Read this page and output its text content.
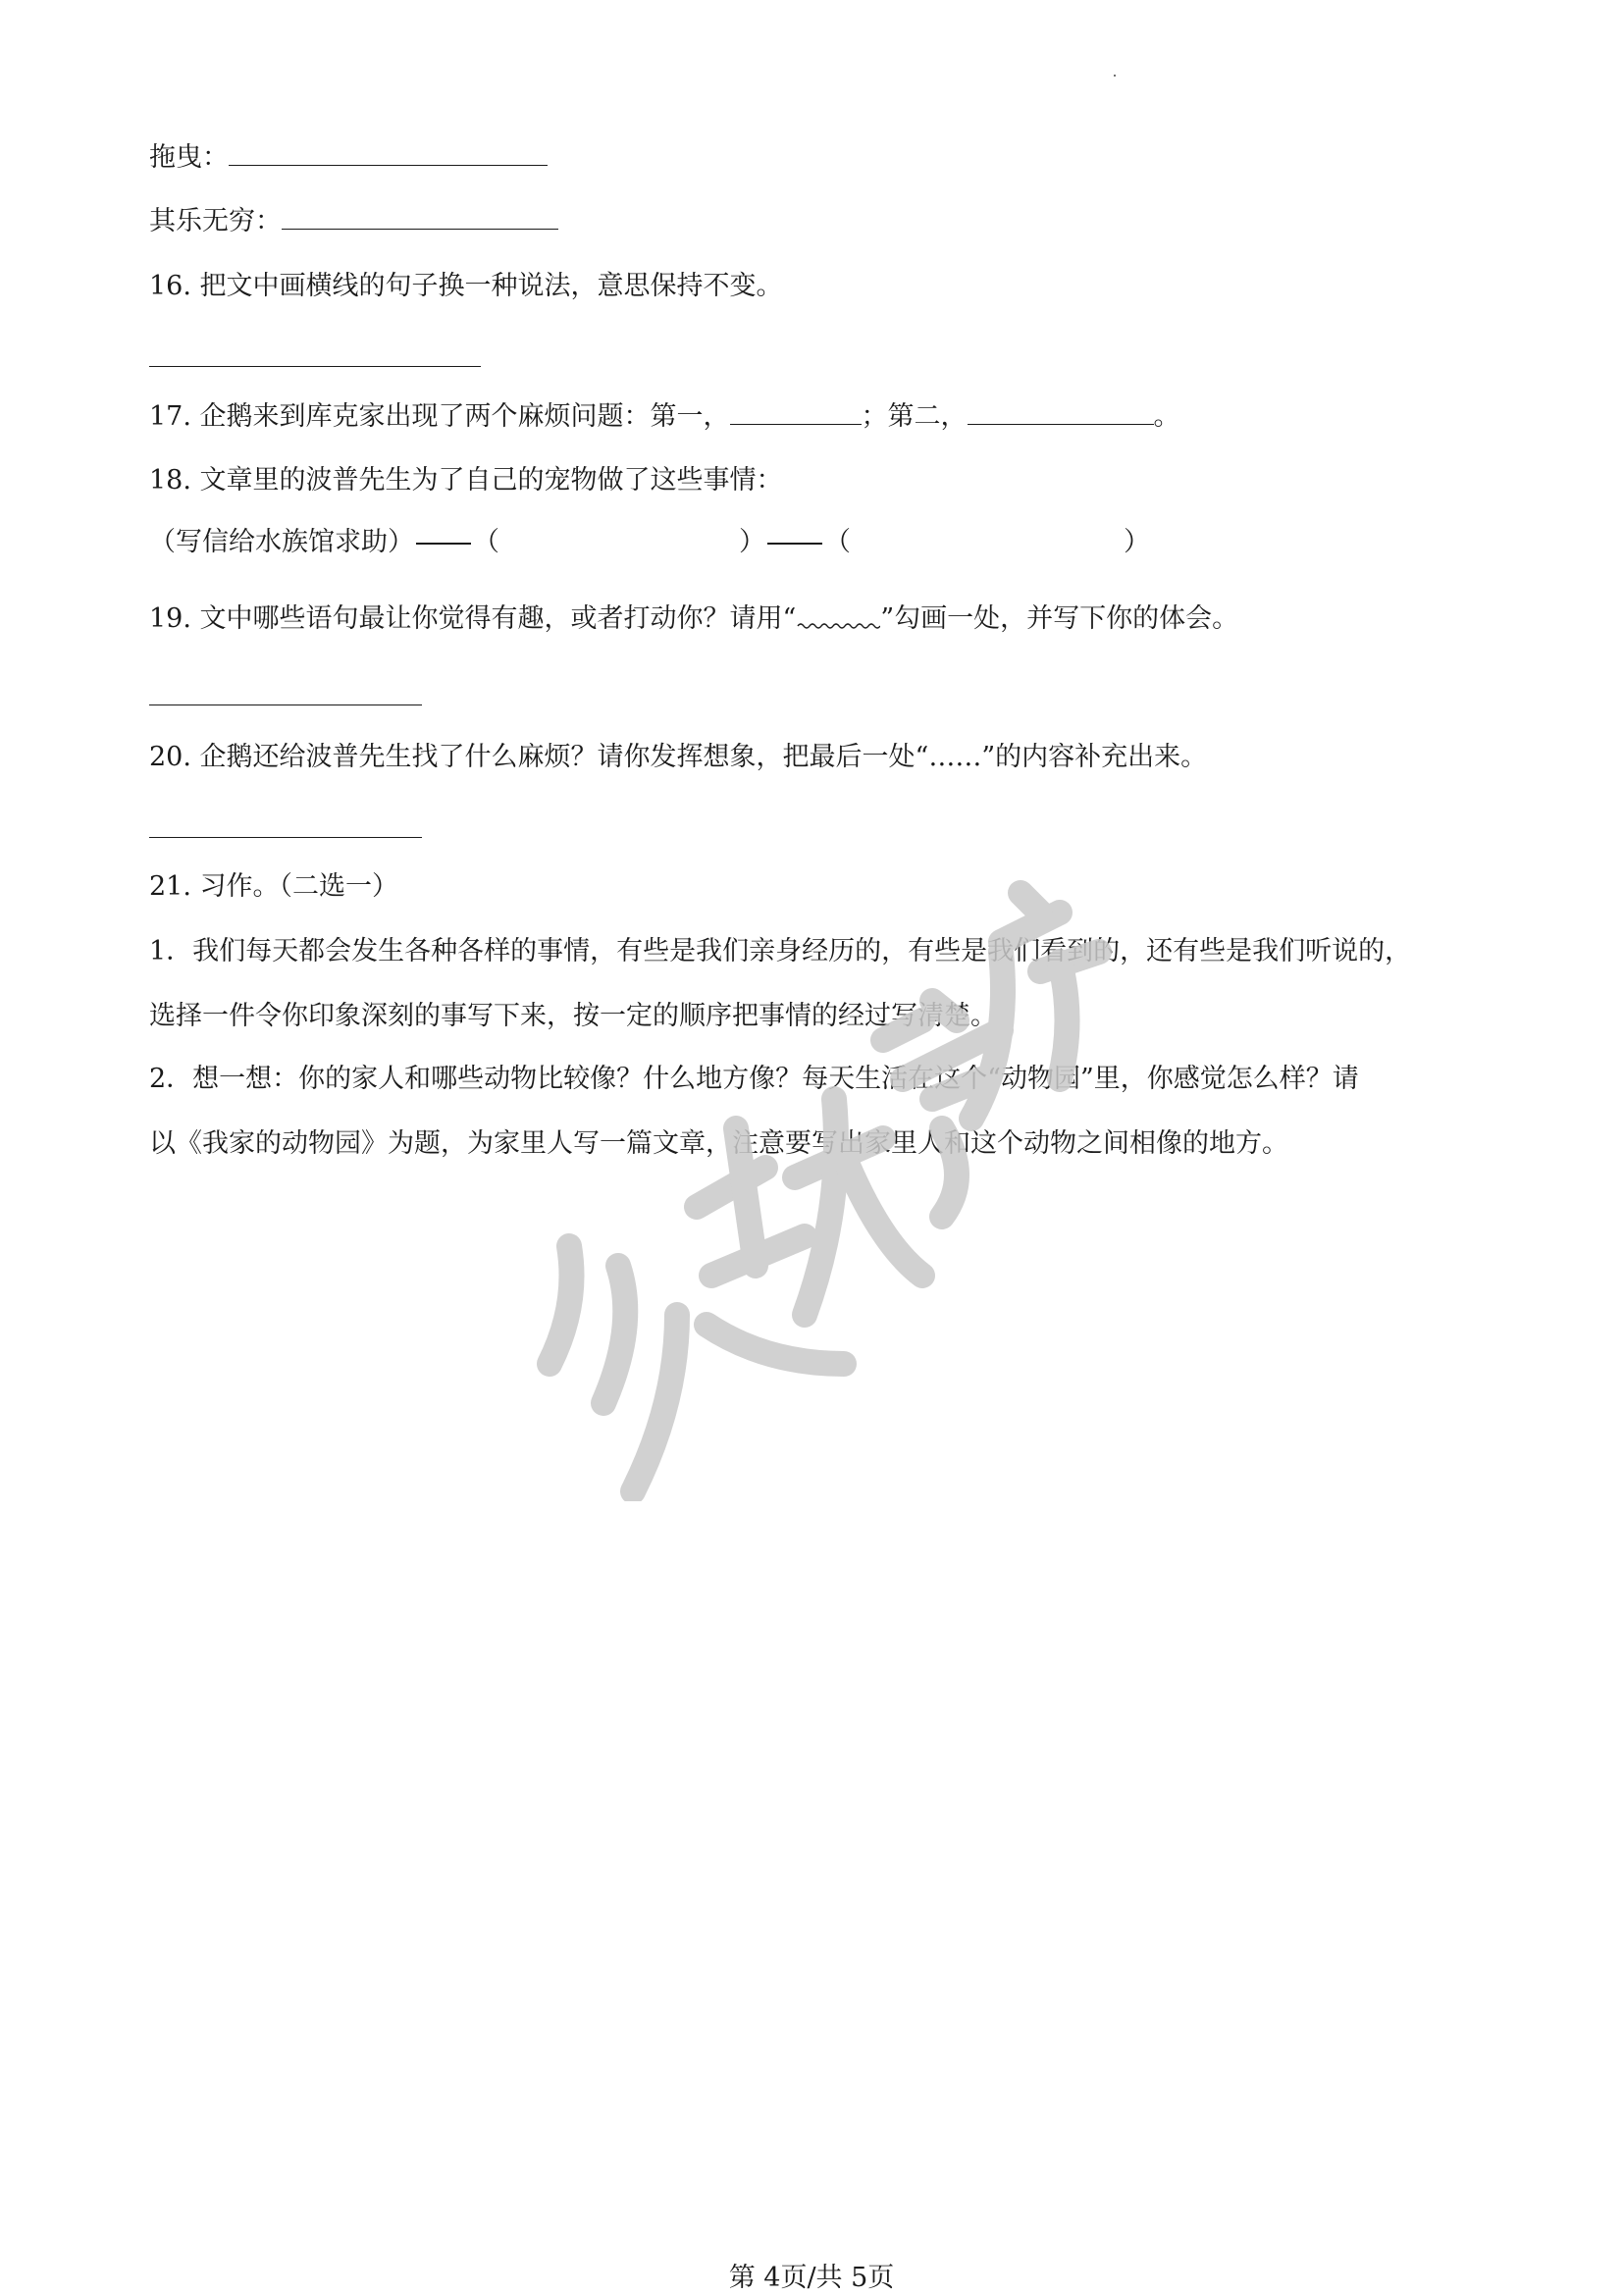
拖曳：
其乐无穷：
16. 把文中画横线的句子换一种说法，意思保持不变。
17. 企鹅来到库克家出现了两个麻烦问题：第一，	；第二，	。
18. 文章里的波普先生为了自己的宠物做了这些事情：
（写信给水族馆求助） （	） （	）
19. 文中哪些语句最让你觉得有趣，或者打动你？请用“	”勾画一处，并写下你的体会。
20. 企鹅还给波普先生找了什么麻烦？请你发挥想象，把最后一处“……”的内容补充出来。
21. 习作。（二选一）
1．我们每天都会发生各种各样的事情，有些是我们亲身经历的，有些是我们看到的，还有些是我们听说的，
选择一件令你印象深刻的事写下来，按一定的顺序把事情的经过写清楚。
2．想一想：你的家人和哪些动物比较像？什么地方像？每天生活在这个“动物园”里，你感觉怎么样？请
以《我家的动物园》为题，为家里人写一篇文章，注意要写出家里人和这个动物之间相像的地方。
第 4页/共 5页
